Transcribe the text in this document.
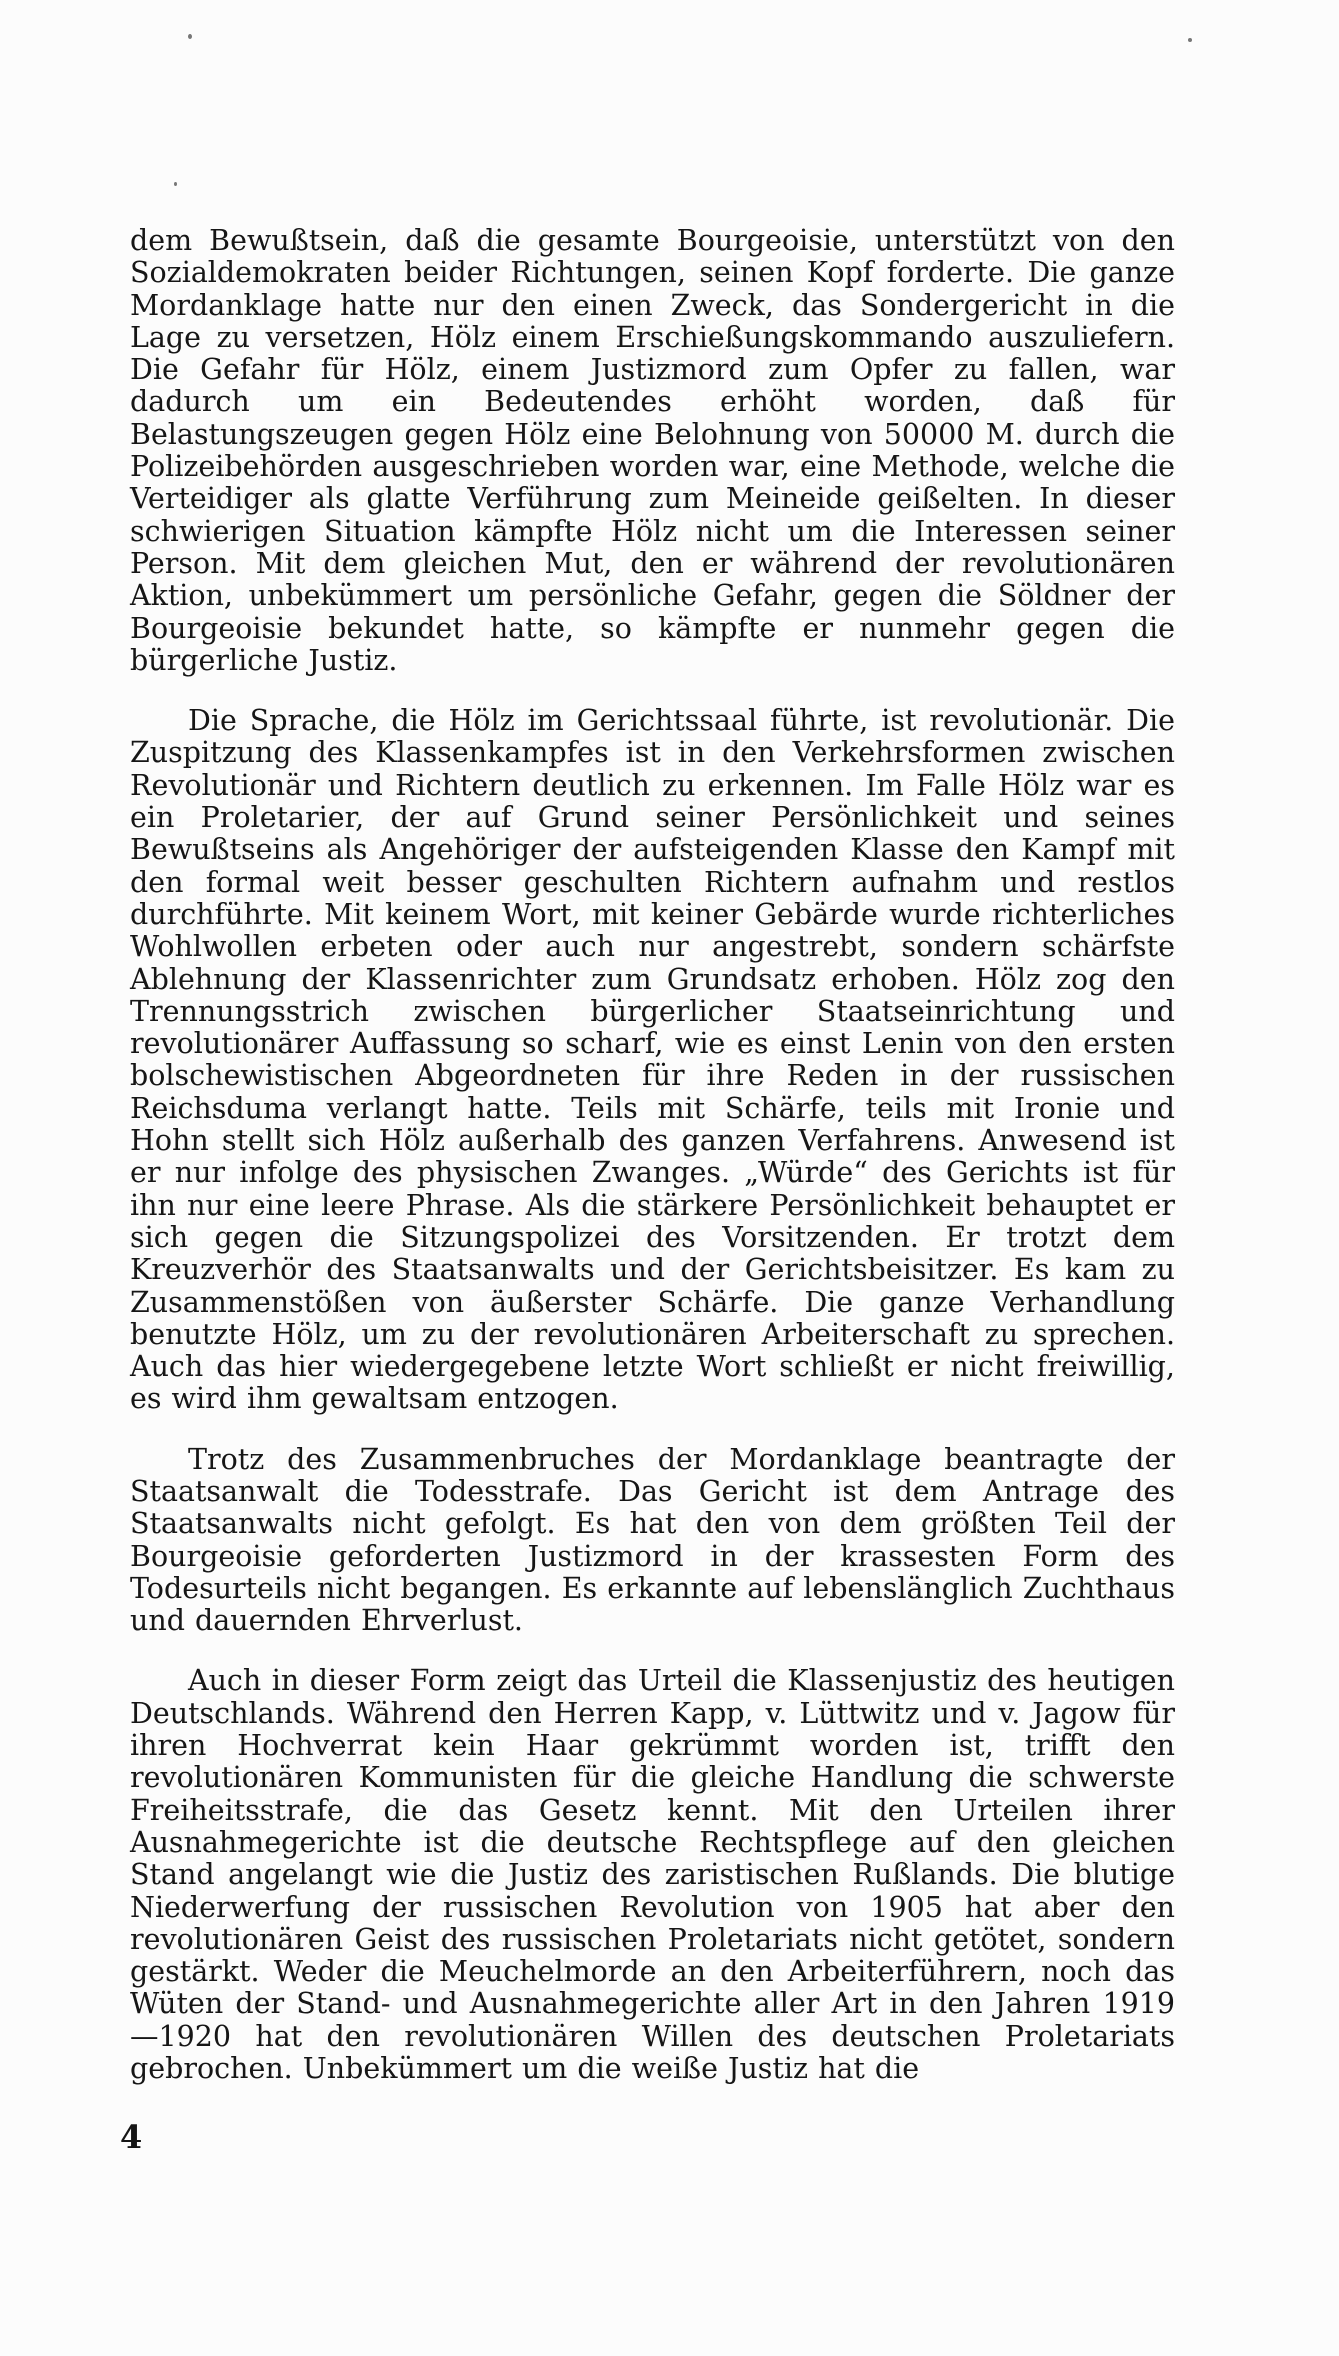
dem Bewußtsein, daß die gesamte Bourgeoisie, unterstützt von den Sozialdemokraten beider Richtungen, seinen Kopf forderte. Die ganze Mordanklage hatte nur den einen Zweck, das Sondergericht in die Lage zu versetzen, Hölz einem Erschießungskommando auszuliefern. Die Gefahr für Hölz, einem Justizmord zum Opfer zu fallen, war dadurch um ein Bedeutendes erhöht worden, daß für Belastungszeugen gegen Hölz eine Belohnung von 50000 M. durch die Polizeibehörden ausgeschrieben worden war, eine Methode, welche die Verteidiger als glatte Verführung zum Meineide geißelten. In dieser schwierigen Situation kämpfte Hölz nicht um die Interessen seiner Person. Mit dem gleichen Mut, den er während der revolutionären Aktion, unbekümmert um persönliche Gefahr, gegen die Söldner der Bourgeoisie bekundet hatte, so kämpfte er nunmehr gegen die bürgerliche Justiz.

Die Sprache, die Hölz im Gerichtssaal führte, ist revolutionär. Die Zuspitzung des Klassenkampfes ist in den Verkehrsformen zwischen Revolutionär und Richtern deutlich zu erkennen. Im Falle Hölz war es ein Proletarier, der auf Grund seiner Persönlichkeit und seines Bewußtseins als Angehöriger der aufsteigenden Klasse den Kampf mit den formal weit besser geschulten Richtern aufnahm und restlos durchführte. Mit keinem Wort, mit keiner Gebärde wurde richterliches Wohlwollen erbeten oder auch nur angestrebt, sondern schärfste Ablehnung der Klassenrichter zum Grundsatz erhoben. Hölz zog den Trennungsstrich zwischen bürgerlicher Staatseinrichtung und revolutionärer Auffassung so scharf, wie es einst Lenin von den ersten bolschewistischen Abgeordneten für ihre Reden in der russischen Reichsduma verlangt hatte. Teils mit Schärfe, teils mit Ironie und Hohn stellt sich Hölz außerhalb des ganzen Verfahrens. Anwesend ist er nur infolge des physischen Zwanges. „Würde“ des Gerichts ist für ihn nur eine leere Phrase. Als die stärkere Persönlichkeit behauptet er sich gegen die Sitzungspolizei des Vorsitzenden. Er trotzt dem Kreuzverhör des Staatsanwalts und der Gerichtsbeisitzer. Es kam zu Zusammenstößen von äußerster Schärfe. Die ganze Verhandlung benutzte Hölz, um zu der revolutionären Arbeiterschaft zu sprechen. Auch das hier wiedergegebene letzte Wort schließt er nicht freiwillig, es wird ihm gewaltsam entzogen.

Trotz des Zusammenbruches der Mordanklage beantragte der Staatsanwalt die Todesstrafe. Das Gericht ist dem Antrage des Staatsanwalts nicht gefolgt. Es hat den von dem größten Teil der Bourgeoisie geforderten Justizmord in der krassesten Form des Todesurteils nicht begangen. Es erkannte auf lebenslänglich Zuchthaus und dauernden Ehrverlust.

Auch in dieser Form zeigt das Urteil die Klassenjustiz des heutigen Deutschlands. Während den Herren Kapp, v. Lüttwitz und v. Jagow für ihren Hochverrat kein Haar gekrümmt worden ist, trifft den revolutionären Kommunisten für die gleiche Handlung die schwerste Freiheitsstrafe, die das Gesetz kennt. Mit den Urteilen ihrer Ausnahmegerichte ist die deutsche Rechtspflege auf den gleichen Stand angelangt wie die Justiz des zaristischen Rußlands. Die blutige Niederwerfung der russischen Revolution von 1905 hat aber den revolutionären Geist des russischen Proletariats nicht getötet, sondern gestärkt. Weder die Meuchelmorde an den Arbeiterführern, noch das Wüten der Stand- und Ausnahmegerichte aller Art in den Jahren 1919—1920 hat den revolutionären Willen des deutschen Proletariats gebrochen. Unbekümmert um die weiße Justiz hat die

4
